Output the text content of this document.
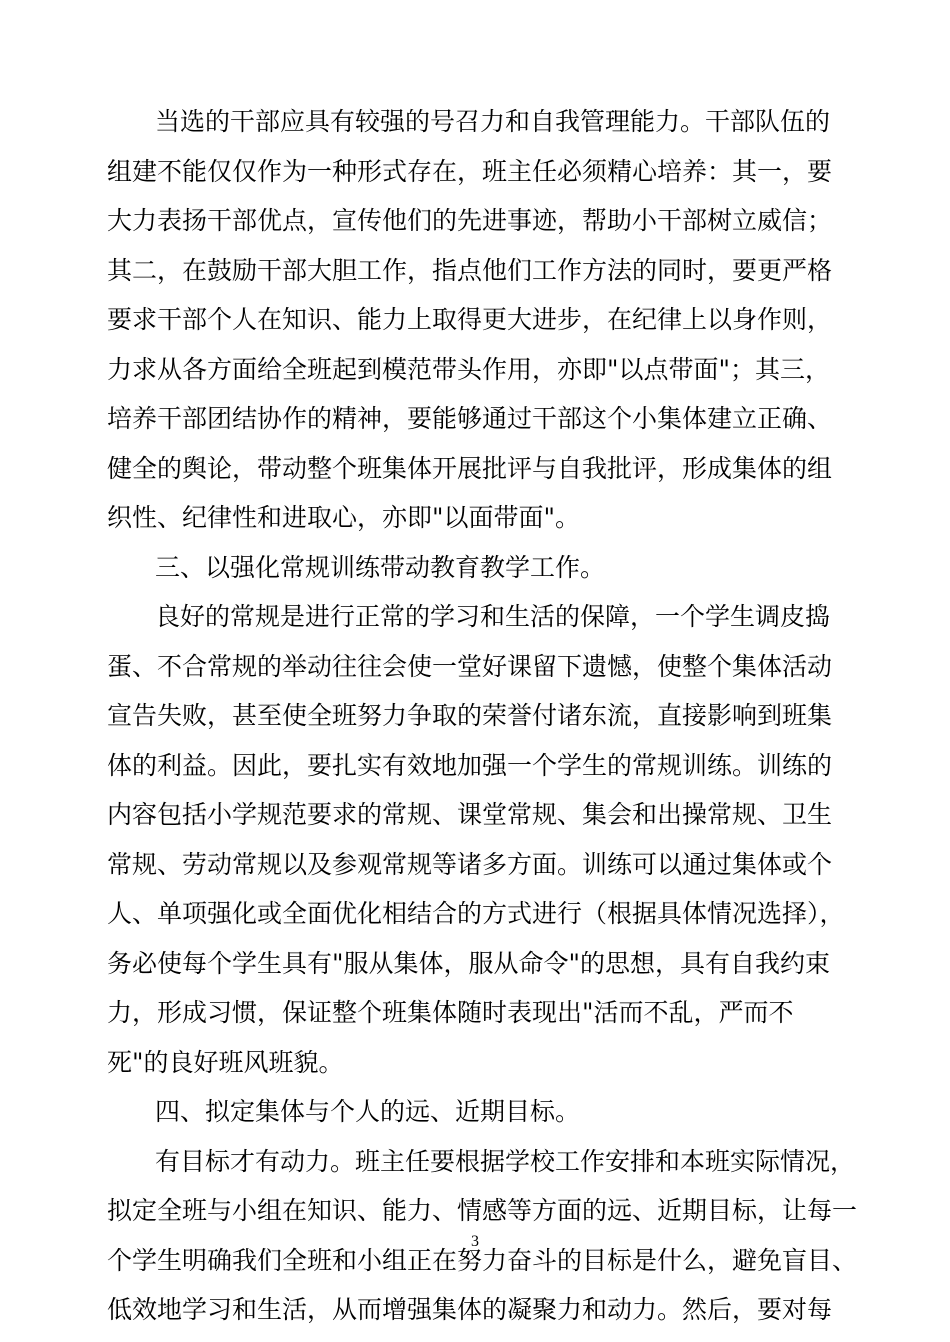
当选的干部应具有较强的号召力和自我管理能力。干部队伍的
组建不能仅仅作为一种形式存在，班主任必须精心培养：其一，要
大力表扬干部优点，宣传他们的先进事迹，帮助小干部树立威信；
其二，在鼓励干部大胆工作，指点他们工作方法的同时，要更严格
要求干部个人在知识、能力上取得更大进步，在纪律上以身作则，
力求从各方面给全班起到模范带头作用，亦即"以点带面"；其三，
培养干部团结协作的精神，要能够通过干部这个小集体建立正确、
健全的舆论，带动整个班集体开展批评与自我批评，形成集体的组
织性、纪律性和进取心，亦即"以面带面"。
三、以强化常规训练带动教育教学工作。
良好的常规是进行正常的学习和生活的保障，一个学生调皮捣
蛋、不合常规的举动往往会使一堂好课留下遗憾，使整个集体活动
宣告失败，甚至使全班努力争取的荣誉付诸东流，直接影响到班集
体的利益。因此，要扎实有效地加强一个学生的常规训练。训练的
内容包括小学规范要求的常规、课堂常规、集会和出操常规、卫生
常规、劳动常规以及参观常规等诸多方面。训练可以通过集体或个
人、单项强化或全面优化相结合的方式进行（根据具体情况选择），
务必使每个学生具有"服从集体，服从命令"的思想，具有自我约束
力，形成习惯，保证整个班集体随时表现出"活而不乱，严而不
死"的良好班风班貌。
四、拟定集体与个人的远、近期目标。
有目标才有动力。班主任要根据学校工作安排和本班实际情况，
拟定全班与小组在知识、能力、情感等方面的远、近期目标，让每一
个学生明确我们全班和小组正在努力奋斗的目标是什么，避免盲目、
低效地学习和生活，从而增强集体的凝聚力和动力。然后，要对每
3
